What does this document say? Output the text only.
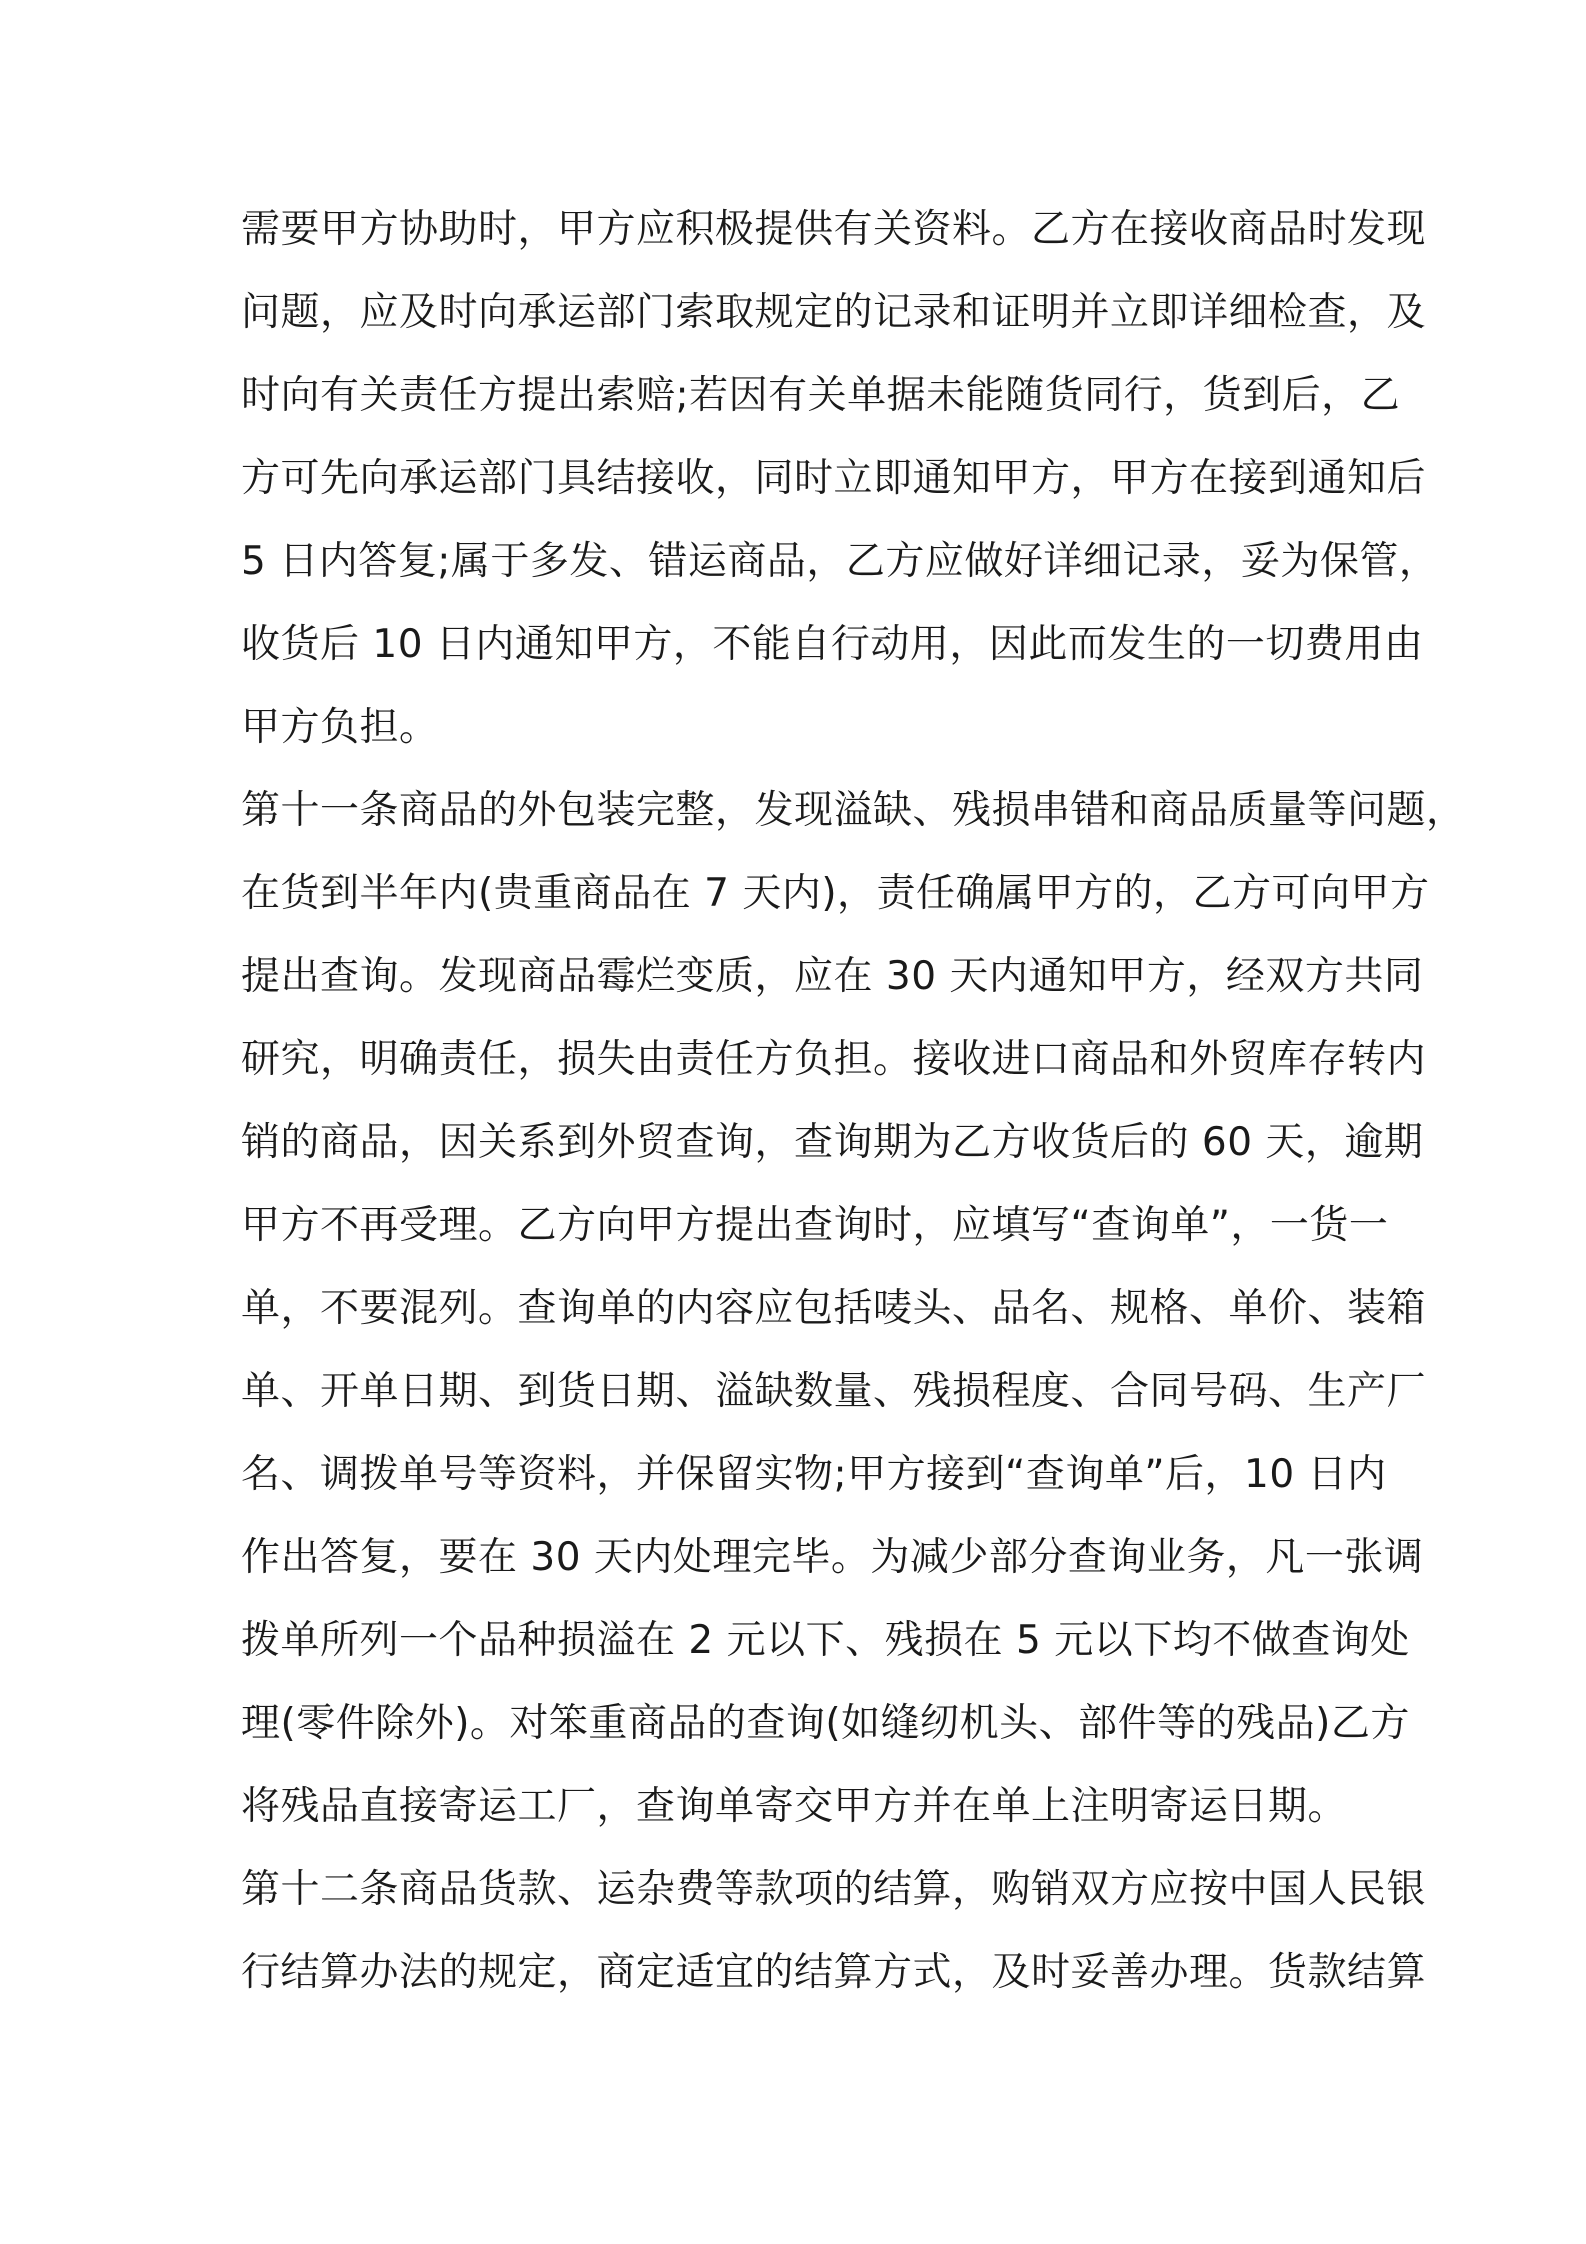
需要甲方协助时，甲方应积极提供有关资料。乙方在接收商品时发现
问题，应及时向承运部门索取规定的记录和证明并立即详细检查，及
时向有关责任方提出索赔;若因有关单据未能随货同行，货到后，乙
方可先向承运部门具结接收，同时立即通知甲方，甲方在接到通知后
5 日内答复;属于多发、错运商品，乙方应做好详细记录，妥为保管，
收货后 10 日内通知甲方，不能自行动用，因此而发生的一切费用由
甲方负担。
第十一条商品的外包装完整，发现溢缺、残损串错和商品质量等问题，
在货到半年内(贵重商品在 7 天内)，责任确属甲方的，乙方可向甲方
提出查询。发现商品霉烂变质，应在 30 天内通知甲方，经双方共同
研究，明确责任，损失由责任方负担。接收进口商品和外贸库存转内
销的商品，因关系到外贸查询，查询期为乙方收货后的 60 天，逾期
甲方不再受理。乙方向甲方提出查询时，应填写“查询单”，一货一
单，不要混列。查询单的内容应包括唛头、品名、规格、单价、装箱
单、开单日期、到货日期、溢缺数量、残损程度、合同号码、生产厂
名、调拨单号等资料，并保留实物;甲方接到“查询单”后，10 日内
作出答复，要在 30 天内处理完毕。为减少部分查询业务，凡一张调
拨单所列一个品种损溢在 2 元以下、残损在 5 元以下均不做查询处
理(零件除外)。对笨重商品的查询(如缝纫机头、部件等的残品)乙方
将残品直接寄运工厂，查询单寄交甲方并在单上注明寄运日期。
第十二条商品货款、运杂费等款项的结算，购销双方应按中国人民银
行结算办法的规定，商定适宜的结算方式，及时妥善办理。货款结算
